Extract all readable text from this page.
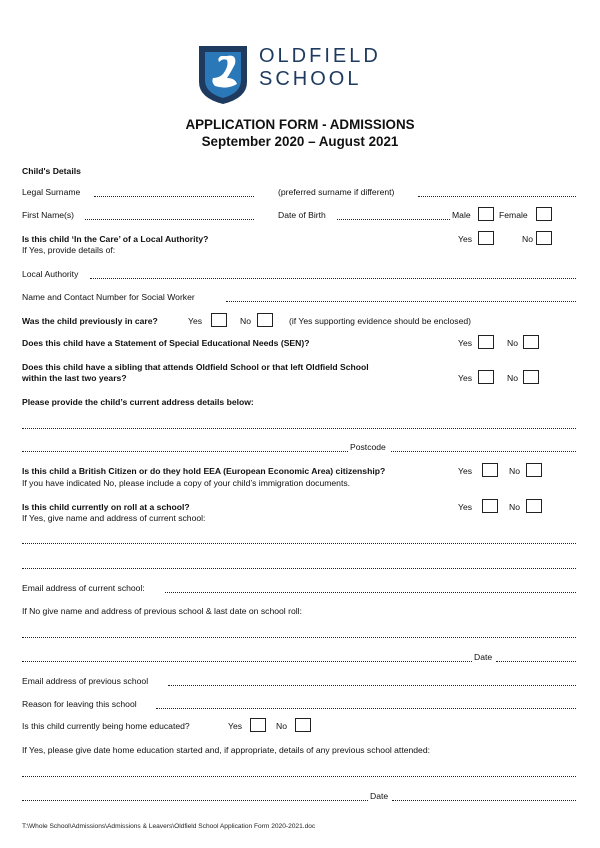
OLDFIELD
SCHOOL
APPLICATION FORM - ADMISSIONS
September 2020 – August 2021
Child's Details
Legal Surname	(preferred surname if different)
First Name(s)	Date of Birth	Male	Female
Is this child ‘In the Care’ of a Local Authority?
If Yes, provide details of:
Yes	No
Local Authority
Name and Contact Number for Social Worker
Was the child previously in care?	Yes	No	(if Yes supporting evidence should be enclosed)
Does this child have a Statement of Special Educational Needs (SEN)?	Yes	No
Does this child have a sibling that attends Oldfield School or that left Oldfield School
within the last two years?	Yes	No
Please provide the child’s current address details below:
Postcode
Is this child a British Citizen or do they hold EEA (European Economic Area) citizenship?
If you have indicated No, please include a copy of your child’s immigration documents.
Yes	No
Is this child currently on roll at a school?
If Yes, give name and address of current school:
Yes	No
Email address of current school:
If No give name and address of previous school & last date on school roll:
Date
Email address of previous school
Reason for leaving this school
Is this child currently being home educated?	Yes	No
If Yes, please give date home education started and, if appropriate, details of any previous school attended:
Date
T:\Whole School\Admissions\Admissions & Leavers\Oldfield School Application Form 2020-2021.doc
